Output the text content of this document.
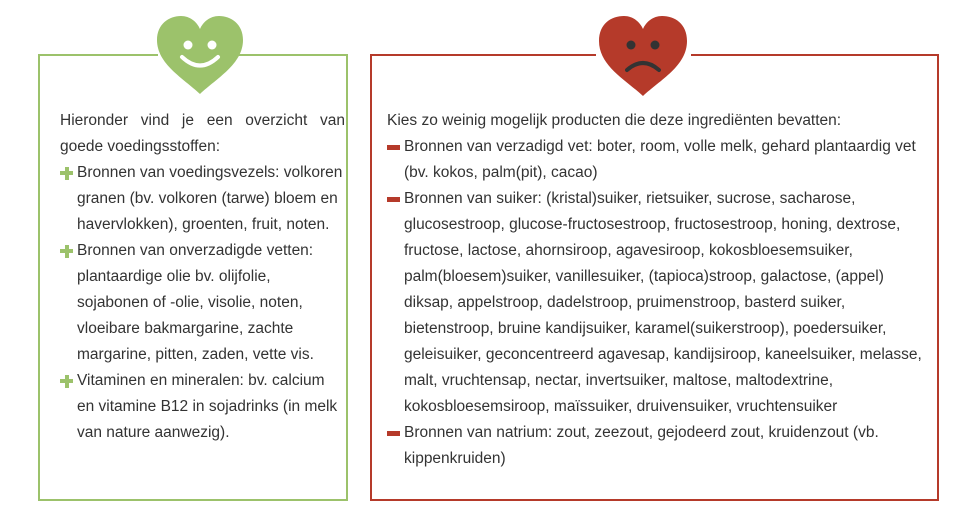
Hieronder vind je een overzicht van goede voedingsstoffen:

Bronnen van voedingsvezels: volkoren granen (bv. volkoren (tarwe) bloem en havervlokken), groenten, fruit, noten.
Bronnen van onverzadigde vetten: plantaardige olie bv. olijfolie, sojabonen of -olie, visolie, noten, vloeibare bakmargarine, zachte margarine, pitten, zaden, vette vis.
Vitaminen en mineralen: bv. calcium en vitamine B12 in sojadrinks (in melk van nature aanwezig).

Kies zo weinig mogelijk producten die deze ingrediënten bevatten:

Bronnen van verzadigd vet: boter, room, volle melk, gehard plantaardig vet (bv. kokos, palm(pit), cacao)
Bronnen van suiker: (kristal)suiker, rietsuiker, sucrose, sacharose, glucosestroop, glucose-fructosestroop, fructosestroop, honing, dextrose, fructose, lactose, ahornsiroop, agavesiroop, kokosbloesemsuiker, palm(bloesem)suiker, vanillesuiker, (tapioca)stroop, galactose, (appel) diksap, appelstroop, dadelstroop, pruimenstroop, basterd suiker, bietenstroop, bruine kandijsuiker, karamel(suikerstroop), poedersuiker, geleisuiker, geconcentreerd agavesap, kandijsiroop, kaneelsuiker, melasse, malt, vruchtensap, nectar, invertsuiker, maltose, maltodextrine, kokosbloesemsiroop, maïssuiker, druivensuiker, vruchtensuiker
Bronnen van natrium: zout, zeezout, gejodeerd zout, kruidenzout (vb. kippenkruiden)
